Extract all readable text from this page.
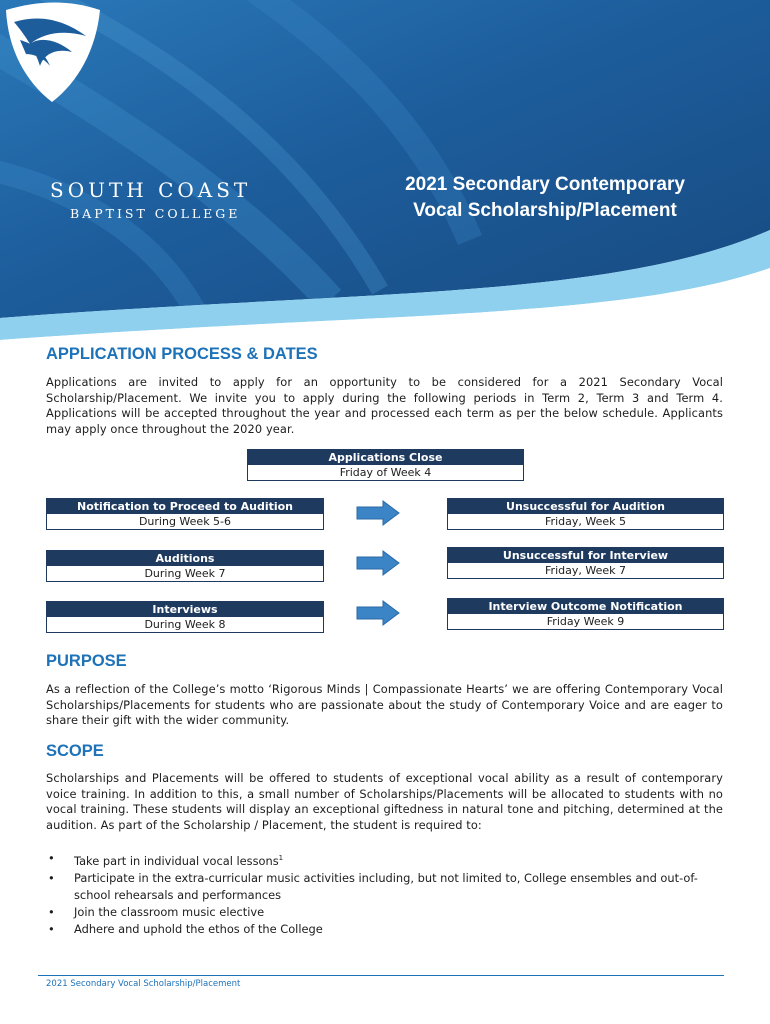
SOUTH COAST
BAPTIST COLLEGE
2021 Secondary Contemporary
Vocal Scholarship/Placement
APPLICATION PROCESS & DATES

Applications are invited to apply for an opportunity to be considered for a 2021 Secondary Vocal Scholarship/Placement. We invite you to apply during the following periods in Term 2, Term 3 and Term 4. Applications will be accepted throughout the year and processed each term as per the below schedule. Applicants may apply once throughout the 2020 year.

Applications Close
Friday of Week 4
Notification to Proceed to Audition
During Week 5-6
Auditions
During Week 7
Interviews
During Week 8
Unsuccessful for Audition
Friday, Week 5
Unsuccessful for Interview
Friday, Week 7
Interview Outcome Notification
Friday Week 9
PURPOSE

As a reflection of the College’s motto ‘Rigorous Minds | Compassionate Hearts’ we are offering Contemporary Vocal Scholarships/Placements for students who are passionate about the study of Contemporary Voice and are eager to share their gift with the wider community.

SCOPE

Scholarships and Placements will be offered to students of exceptional vocal ability as a result of contemporary voice training. In addition to this, a small number of Scholarships/Placements will be allocated to students with no vocal training. These students will display an exceptional giftedness in natural tone and pitching, determined at the audition. As part of the Scholarship / Placement, the student is required to:

• Take part in individual vocal lessons$^1$
• Participate in the extra-curricular music activities including, but not limited to, College ensembles and out-of-school rehearsals and performances
• Join the classroom music elective
• Adhere and uphold the ethos of the College
2021 Secondary Vocal Scholarship/Placement
